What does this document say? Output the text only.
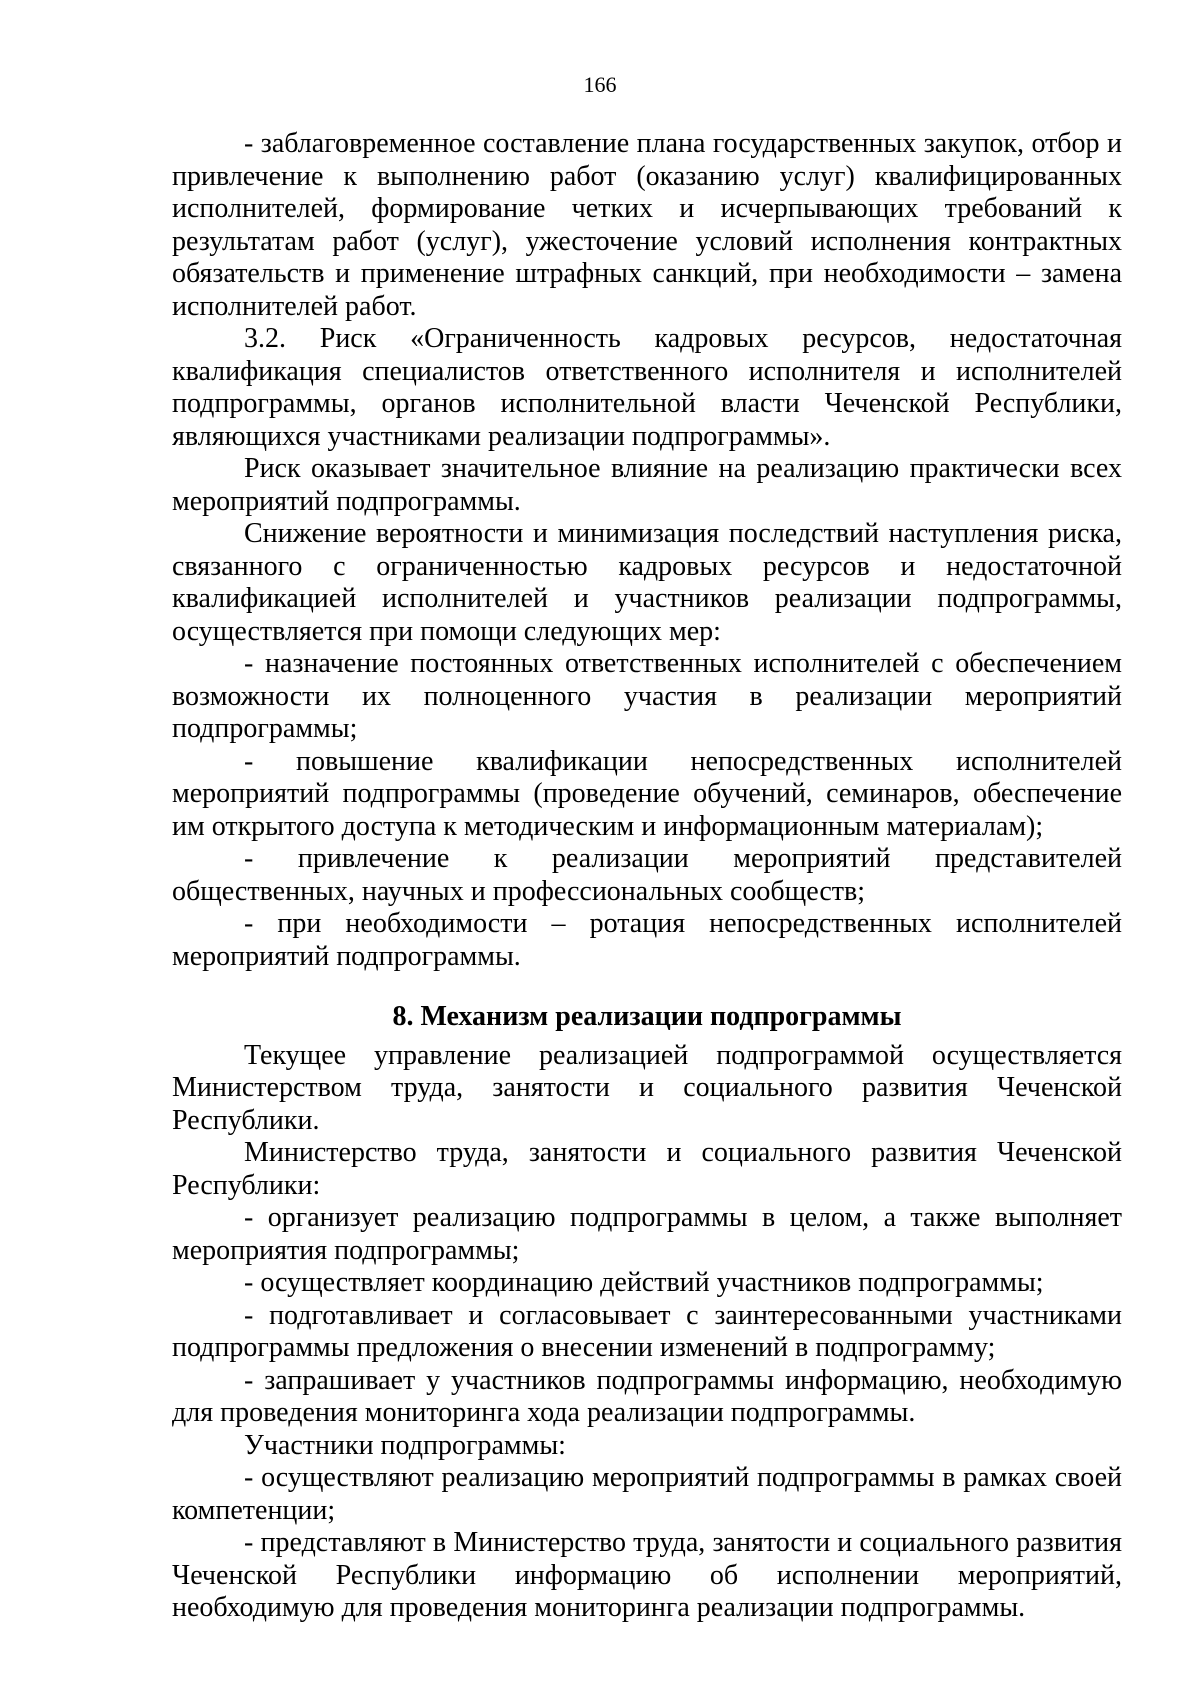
166

- заблаговременное составление плана государственных закупок, отбор и привлечение к выполнению работ (оказанию услуг) квалифицированных исполнителей, формирование четких и исчерпывающих требований к результатам работ (услуг), ужесточение условий исполнения контрактных обязательств и применение штрафных санкций, при необходимости – замена исполнителей работ.

3.2. Риск «Ограниченность кадровых ресурсов, недостаточная квалификация специалистов ответственного исполнителя и исполнителей подпрограммы, органов исполнительной власти Чеченской Республики, являющихся участниками реализации подпрограммы».

Риск оказывает значительное влияние на реализацию практически всех мероприятий подпрограммы.

Снижение вероятности и минимизация последствий наступления риска, связанного с ограниченностью кадровых ресурсов и недостаточной квалификацией исполнителей и участников реализации подпрограммы, осуществляется при помощи следующих мер:

- назначение постоянных ответственных исполнителей с обеспечением возможности их полноценного участия в реализации мероприятий подпрограммы;

- повышение квалификации непосредственных исполнителей мероприятий подпрограммы (проведение обучений, семинаров, обеспечение им открытого доступа к методическим и информационным материалам);

- привлечение к реализации мероприятий представителей общественных, научных и профессиональных сообществ;

- при необходимости – ротация непосредственных исполнителей мероприятий подпрограммы.

8. Механизм реализации подпрограммы

Текущее управление реализацией подпрограммой осуществляется Министерством труда, занятости и социального развития Чеченской Республики.

Министерство труда, занятости и социального развития Чеченской Республики:

- организует реализацию подпрограммы в целом, а также выполняет мероприятия подпрограммы;

- осуществляет координацию действий участников подпрограммы;

- подготавливает и согласовывает с заинтересованными участниками подпрограммы предложения о внесении изменений в подпрограмму;

- запрашивает у участников подпрограммы информацию, необходимую для проведения мониторинга хода реализации подпрограммы.

Участники подпрограммы:

- осуществляют реализацию мероприятий подпрограммы в рамках своей компетенции;

- представляют в Министерство труда, занятости и социального развития Чеченской Республики информацию об исполнении мероприятий, необходимую для проведения мониторинга реализации подпрограммы.
